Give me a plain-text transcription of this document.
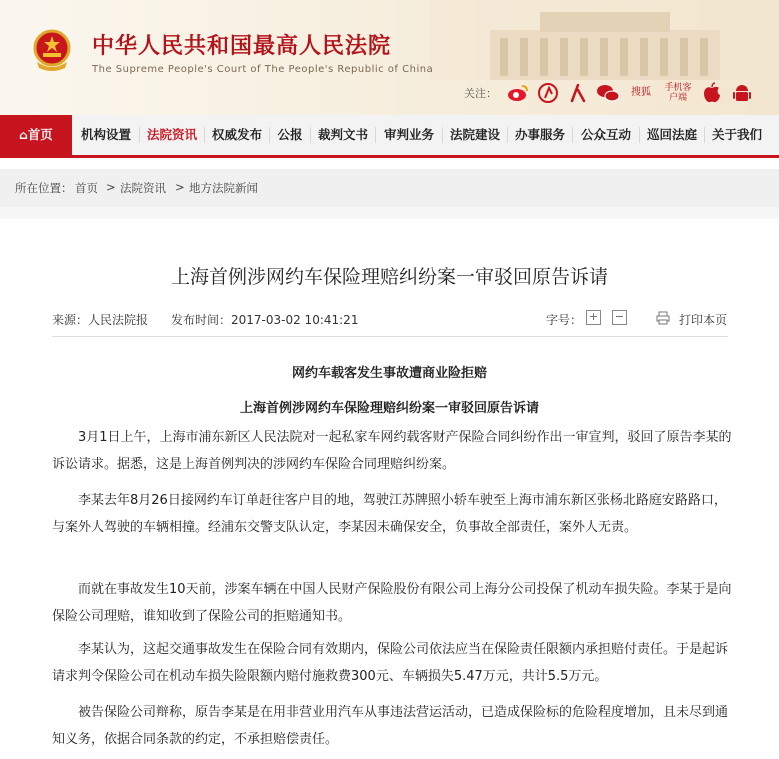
中华人民共和国最高人民法院
The Supreme People's Court of The People's Republic of China
关注：	搜狐 手机客户端
⌂首页	机构设置	法院资讯	权威发布	公报	裁判文书	审判业务	法院建设	办事服务	公众互动	巡回法庭	关于我们
所在位置： 首页 > 法院资讯 > 地方法院新闻
上海首例涉网约车保险理赔纠纷案一审驳回原告诉请
来源：人民法院报 发布时间：2017-03-02 10:41:21	字号： + −	打印本页
网约车载客发生事故遭商业险拒赔
上海首例涉网约车保险理赔纠纷案一审驳回原告诉请
3月1日上午，上海市浦东新区人民法院对一起私家车网约载客财产保险合同纠纷作出一审宣判，驳回了原告李某的诉讼请求。据悉，这是上海首例判决的涉网约车保险合同理赔纠纷案。
李某去年8月26日接网约车订单赶往客户目的地，驾驶江苏牌照小轿车驶至上海市浦东新区张杨北路庭安路路口，与案外人驾驶的车辆相撞。经浦东交警支队认定，李某因未确保安全，负事故全部责任，案外人无责。
而就在事故发生10天前，涉案车辆在中国人民财产保险股份有限公司上海分公司投保了机动车损失险。李某于是向保险公司理赔，谁知收到了保险公司的拒赔通知书。
李某认为，这起交通事故发生在保险合同有效期内，保险公司依法应当在保险责任限额内承担赔付责任。于是起诉请求判令保险公司在机动车损失险限额内赔付施救费300元、车辆损失5.47万元，共计5.5万元。
被告保险公司辩称，原告李某是在用非营业用汽车从事违法营运活动，已造成保险标的危险程度增加，且未尽到通知义务，依据合同条款的约定，不承担赔偿责任。
